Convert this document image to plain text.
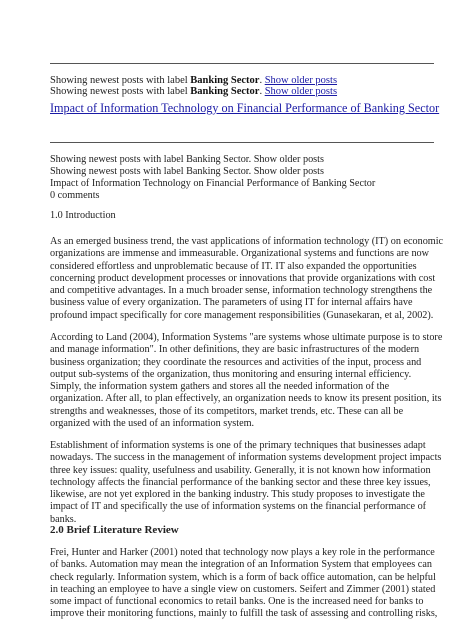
Showing newest posts with label Banking Sector. Show older posts
Showing newest posts with label Banking Sector. Show older posts
Impact of Information Technology on Financial Performance of Banking Sector
Showing newest posts with label Banking Sector. Show older posts
Showing newest posts with label Banking Sector. Show older posts
Impact of Information Technology on Financial Performance of Banking Sector
0 comments
1.0 Introduction
As an emerged business trend, the vast applications of information technology (IT) on economic
organizations are immense and immeasurable. Organizational systems and functions are now
considered effortless and unproblematic because of IT. IT also expanded the opportunities
concerning product development processes or innovations that provide organizations with cost
and competitive advantages. In a much broader sense, information technology strengthens the
business value of every organization. The parameters of using IT for internal affairs have
profound impact specifically for core management responsibilities (Gunasekaran, et al, 2002).
According to Land (2004), Information Systems "are systems whose ultimate purpose is to store
and manage information". In other definitions, they are basic infrastructures of the modern
business organization; they coordinate the resources and activities of the input, process and
output sub-systems of the organization, thus monitoring and ensuring internal efficiency.
Simply, the information system gathers and stores all the needed information of the
organization. After all, to plan effectively, an organization needs to know its present position, its
strengths and weaknesses, those of its competitors, market trends, etc. These can all be
organized with the used of an information system.
Establishment of information systems is one of the primary techniques that businesses adapt
nowadays. The success in the management of information systems development project impacts
three key issues: quality, usefulness and usability. Generally, it is not known how information
technology affects the financial performance of the banking sector and these three key issues,
likewise, are not yet explored in the banking industry. This study proposes to investigate the
impact of IT and specifically the use of information systems on the financial performance of
banks.
2.0 Brief Literature Review
Frei, Hunter and Harker (2001) noted that technology now plays a key role in the performance
of banks. Automation may mean the integration of an Information System that employees can
check regularly. Information system, which is a form of back office automation, can be helpful
in teaching an employee to have a single view on customers. Seifert and Zimmer (2001) stated
some impact of functional economics to retail banks. One is the increased need for banks to
improve their monitoring functions, mainly to fulfill the task of assessing and controlling risks,
